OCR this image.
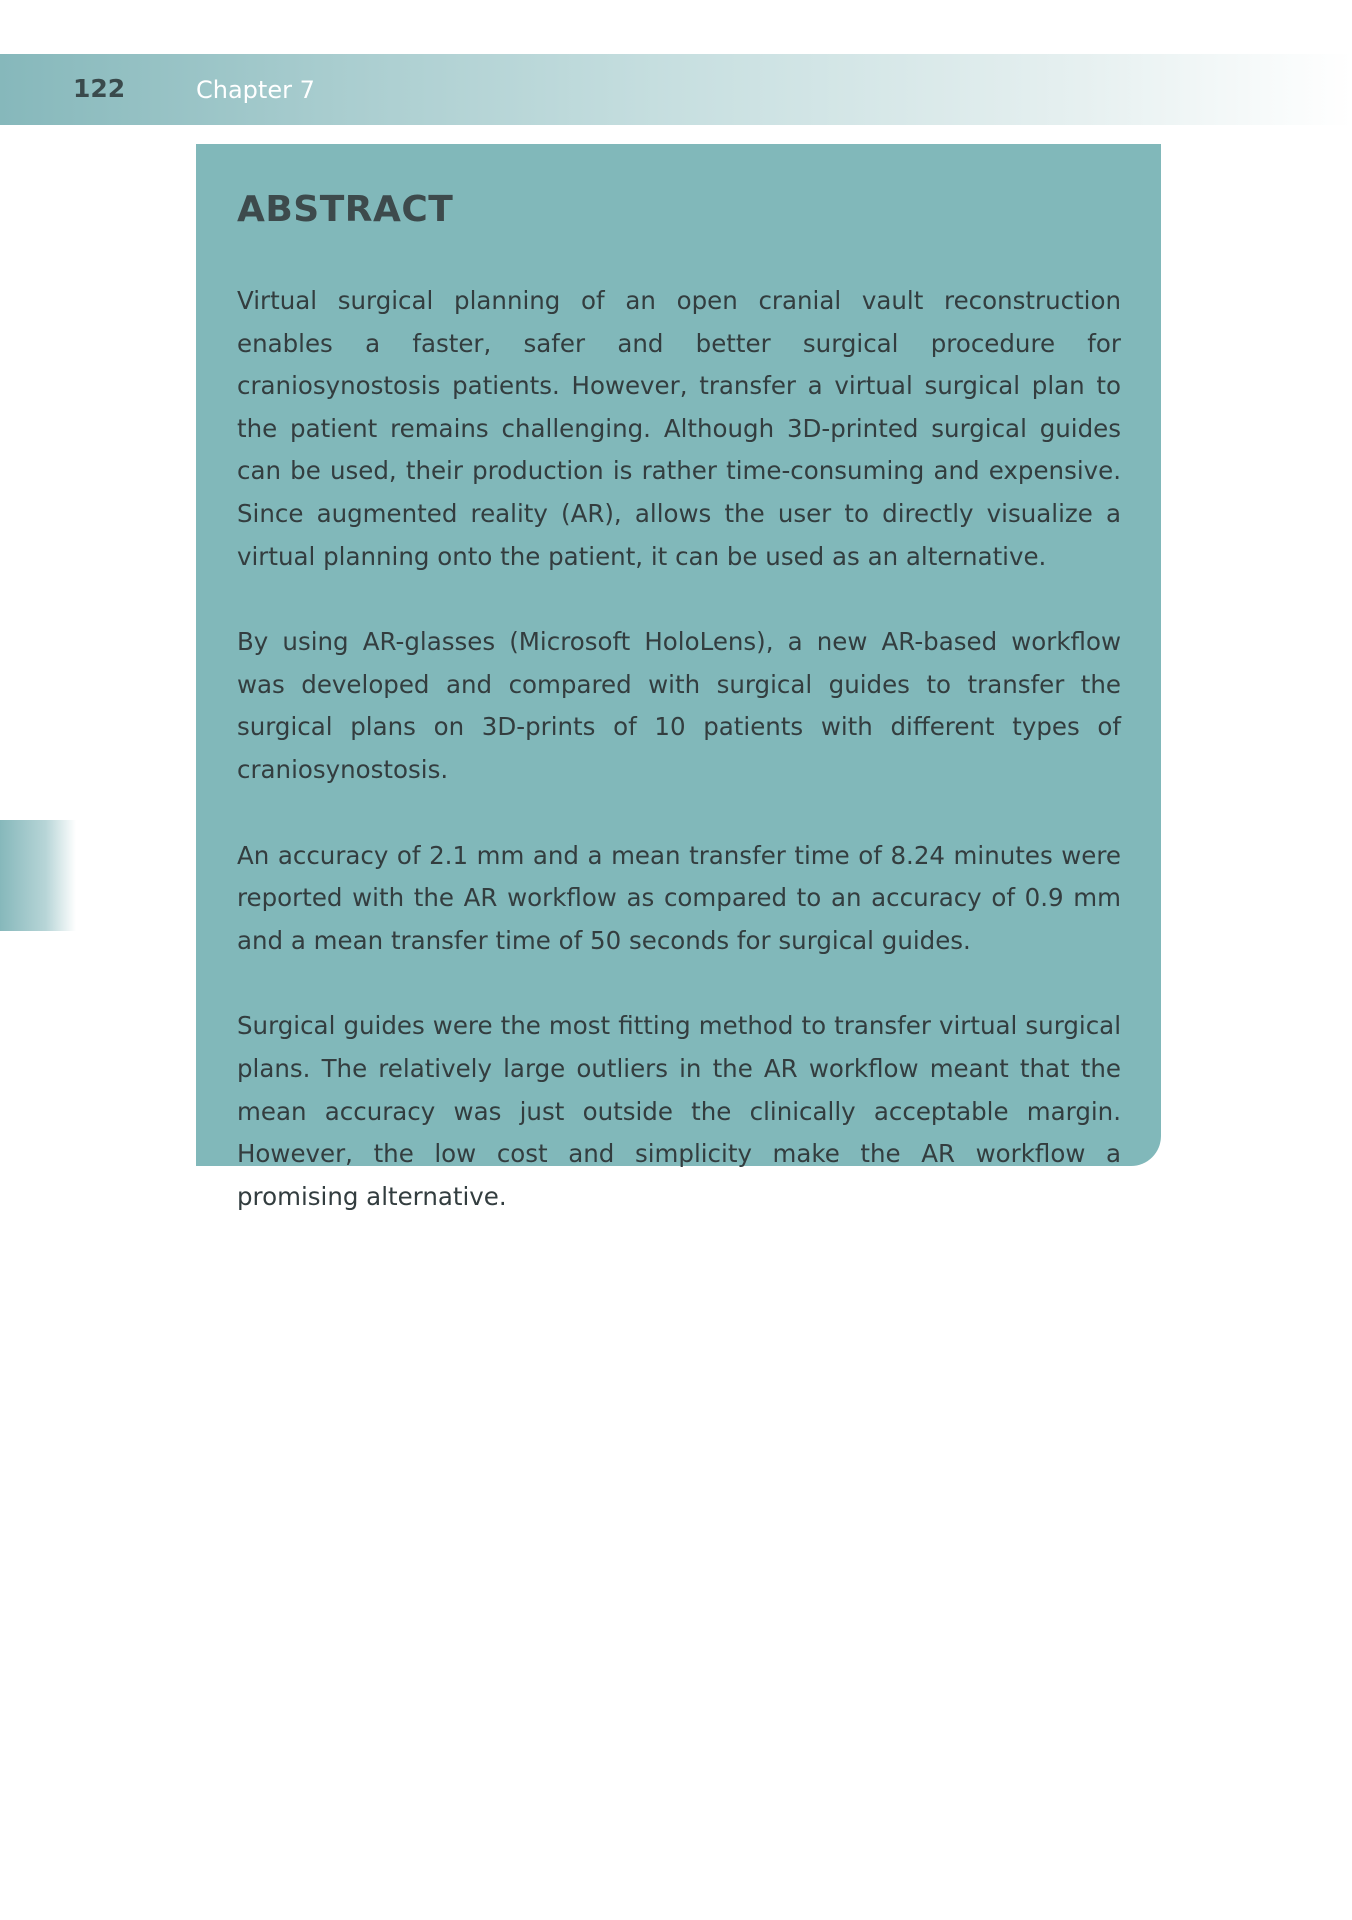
122	Chapter 7
ABSTRACT

Virtual surgical planning of an open cranial vault reconstruction enables a faster, safer and better surgical procedure for craniosynostosis patients. However, transfer a virtual surgical plan to the patient remains challenging. Although 3D-printed surgical guides can be used, their production is rather time-consuming and expensive. Since augmented reality (AR), allows the user to directly visualize a virtual planning onto the patient, it can be used as an alternative.

By using AR-glasses (Microsoft HoloLens), a new AR-based workflow was developed and compared with surgical guides to transfer the surgical plans on 3D-prints of 10 patients with different types of craniosynostosis.

An accuracy of 2.1 mm and a mean transfer time of 8.24 minutes were reported with the AR workflow as compared to an accuracy of 0.9 mm and a mean transfer time of 50 seconds for surgical guides.

Surgical guides were the most fitting method to transfer virtual surgical plans. The relatively large outliers in the AR workflow meant that the mean accuracy was just outside the clinically acceptable margin. However, the low cost and simplicity make the AR workflow a promising alternative.
